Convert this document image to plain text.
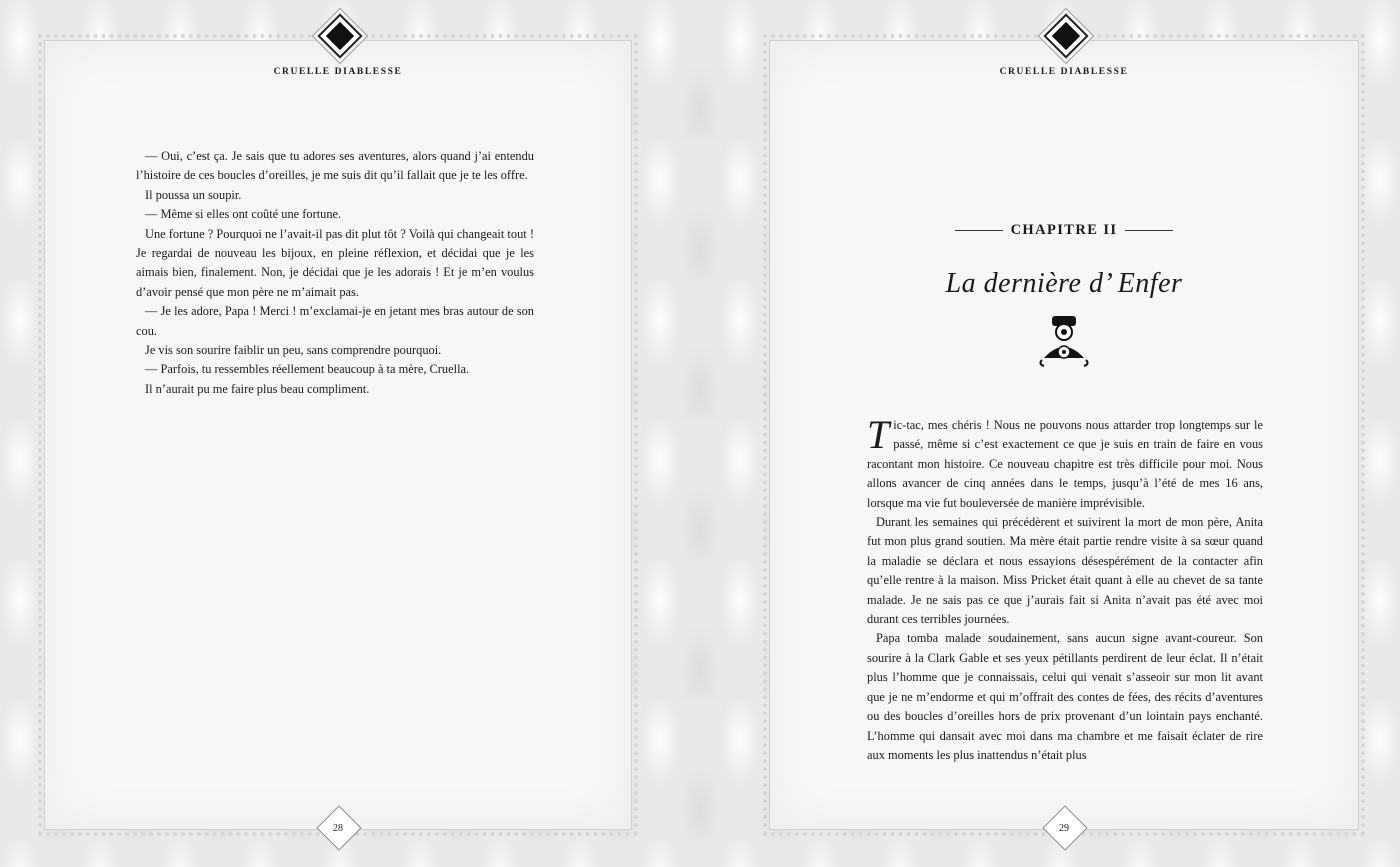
CRUELLE DIABLESSE

— Oui, c’est ça. Je sais que tu adores ses aventures, alors quand j’ai entendu l’histoire de ces boucles d’oreilles, je me suis dit qu’il fallait que je te les offre.

Il poussa un soupir.

— Même si elles ont coûté une fortune.

Une fortune ? Pourquoi ne l’avait-il pas dit plut tôt ? Voilà qui changeait tout ! Je regardai de nouveau les bijoux, en pleine réflexion, et décidai que je les aimais bien, finalement. Non, je décidai que je les adorais ! Et je m’en voulus d’avoir pensé que mon père ne m’aimait pas.

— Je les adore, Papa ! Merci ! m’exclamai-je en jetant mes bras autour de son cou.

Je vis son sourire faiblir un peu, sans comprendre pourquoi.

— Parfois, tu ressembles réellement beaucoup à ta mère, Cruella.

Il n’aurait pu me faire plus beau compliment.

28
CRUELLE DIABLESSE
CHAPITRE II
La dernière d’ Enfer

Tic-tac, mes chéris ! Nous ne pouvons nous attarder trop longtemps sur le passé, même si c’est exactement ce que je suis en train de faire en vous racontant mon histoire. Ce nouveau chapitre est très difficile pour moi. Nous allons avancer de cinq années dans le temps, jusqu’à l’été de mes 16 ans, lorsque ma vie fut bouleversée de manière imprévisible.

Durant les semaines qui précédèrent et suivirent la mort de mon père, Anita fut mon plus grand soutien. Ma mère était partie rendre visite à sa sœur quand la maladie se déclara et nous essayions désespérément de la contacter afin qu’elle rentre à la maison. Miss Pricket était quant à elle au chevet de sa tante malade. Je ne sais pas ce que j’aurais fait si Anita n’avait pas été avec moi durant ces terribles journées.

Papa tomba malade soudainement, sans aucun signe avant-coureur. Son sourire à la Clark Gable et ses yeux pétillants perdirent de leur éclat. Il n’était plus l’homme que je connaissais, celui qui venait s’asseoir sur mon lit avant que je ne m’endorme et qui m’offrait des contes de fées, des récits d’aventures ou des boucles d’oreilles hors de prix provenant d’un lointain pays enchanté. L’homme qui dansait avec moi dans ma chambre et me faisait éclater de rire aux moments les plus inattendus n’était plus

29
